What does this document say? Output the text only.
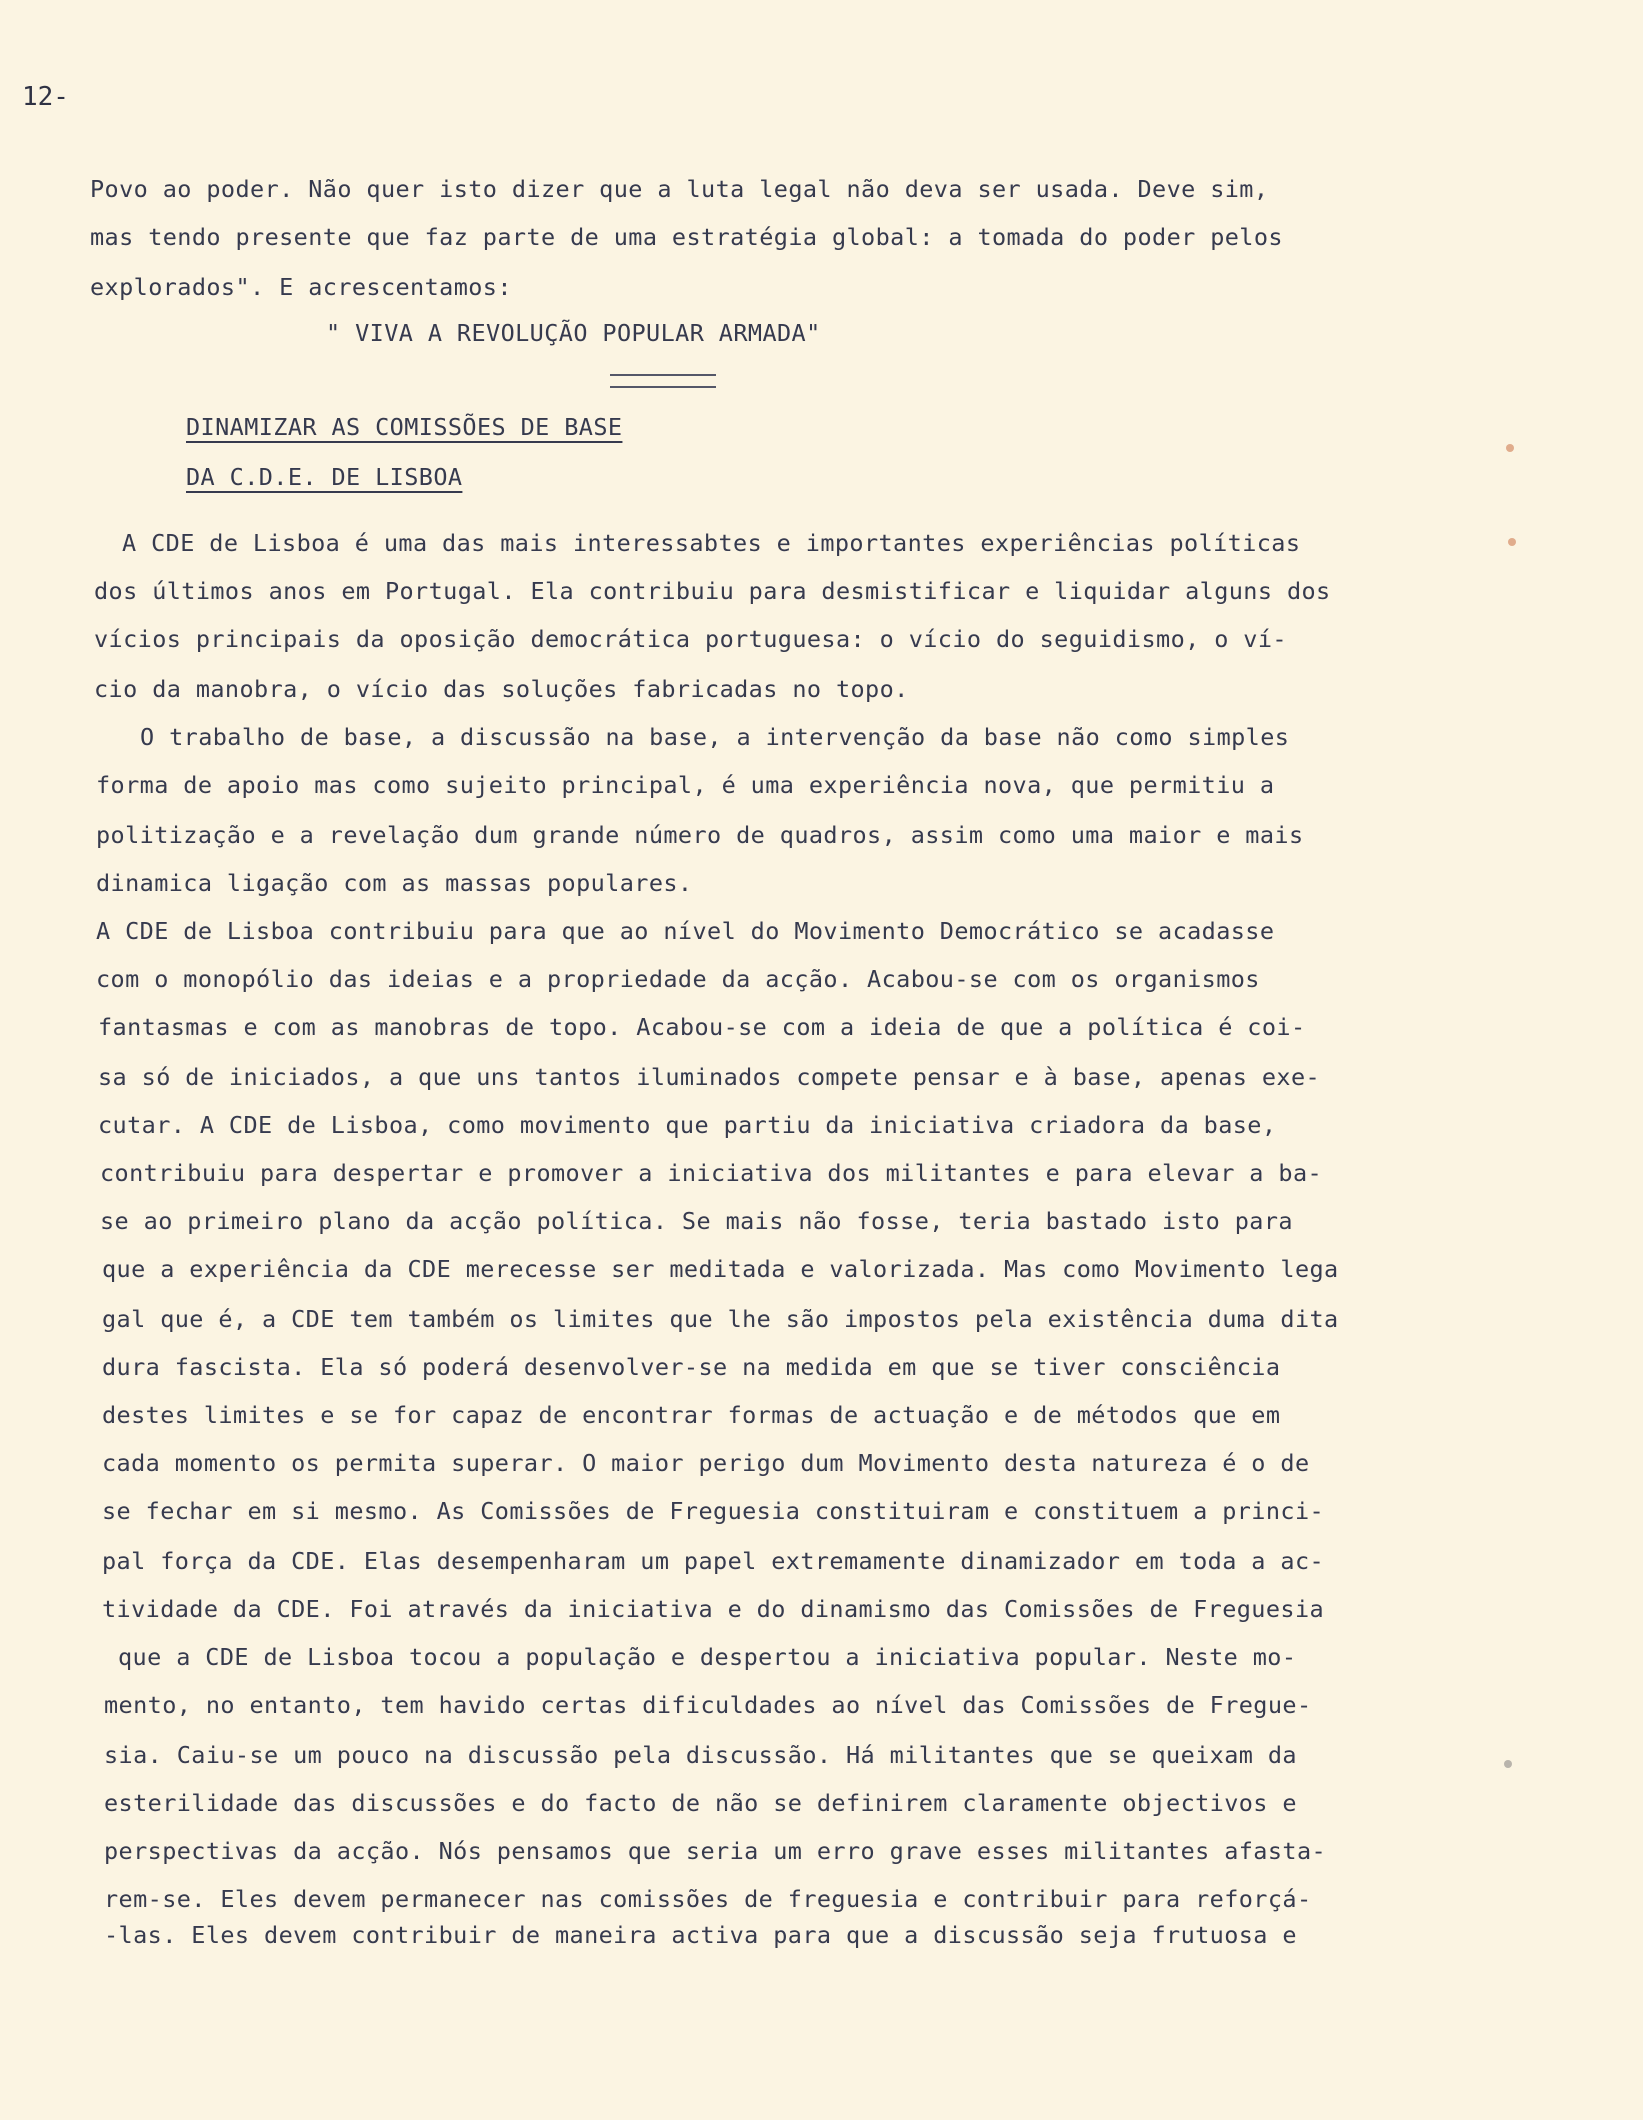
12-
Povo ao poder. Não quer isto dizer que a luta legal não deva ser usada. Deve sim,
mas tendo presente que faz parte de uma estratégia global: a tomada do poder pelos
explorados". E acrescentamos:
" VIVA A REVOLUÇÃO POPULAR ARMADA"
DINAMIZAR AS COMISSÕES DE BASE
DA C.D.E. DE LISBOA
A CDE de Lisboa é uma das mais interessabtes e importantes experiências políticas
dos últimos anos em Portugal. Ela contribuiu para desmistificar e liquidar alguns dos
vícios principais da oposição democrática portuguesa: o vício do seguidismo, o ví-
cio da manobra, o vício das soluções fabricadas no topo.
O trabalho de base, a discussão na base, a intervenção da base não como simples
forma de apoio mas como sujeito principal, é uma experiência nova, que permitiu a
politização e a revelação dum grande número de quadros, assim como uma maior e mais
dinamica ligação com as massas populares.
A CDE de Lisboa contribuiu para que ao nível do Movimento Democrático se acadasse
com o monopólio das ideias e a propriedade da acção. Acabou-se com os organismos
fantasmas e com as manobras de topo. Acabou-se com a ideia de que a política é coi-
sa só de iniciados, a que uns tantos iluminados compete pensar e à base, apenas exe-
cutar. A CDE de Lisboa, como movimento que partiu da iniciativa criadora da base,
contribuiu para despertar e promover a iniciativa dos militantes e para elevar a ba-
se ao primeiro plano da acção política. Se mais não fosse, teria bastado isto para
que a experiência da CDE merecesse ser meditada e valorizada. Mas como Movimento lega
gal que é, a CDE tem também os limites que lhe são impostos pela existência duma dita
dura fascista. Ela só poderá desenvolver-se na medida em que se tiver consciência
destes limites e se for capaz de encontrar formas de actuação e de métodos que em
cada momento os permita superar. O maior perigo dum Movimento desta natureza é o de
se fechar em si mesmo. As Comissões de Freguesia constituiram e constituem a princi-
pal força da CDE. Elas desempenharam um papel extremamente dinamizador em toda a ac-
tividade da CDE. Foi através da iniciativa e do dinamismo das Comissões de Freguesia
que a CDE de Lisboa tocou a população e despertou a iniciativa popular. Neste mo-
mento, no entanto, tem havido certas dificuldades ao nível das Comissões de Fregue-
sia. Caiu-se um pouco na discussão pela discussão. Há militantes que se queixam da
esterilidade das discussões e do facto de não se definirem claramente objectivos e
perspectivas da acção. Nós pensamos que seria um erro grave esses militantes afasta-
rem-se. Eles devem permanecer nas comissões de freguesia e contribuir para reforçá-
-las. Eles devem contribuir de maneira activa para que a discussão seja frutuosa e
